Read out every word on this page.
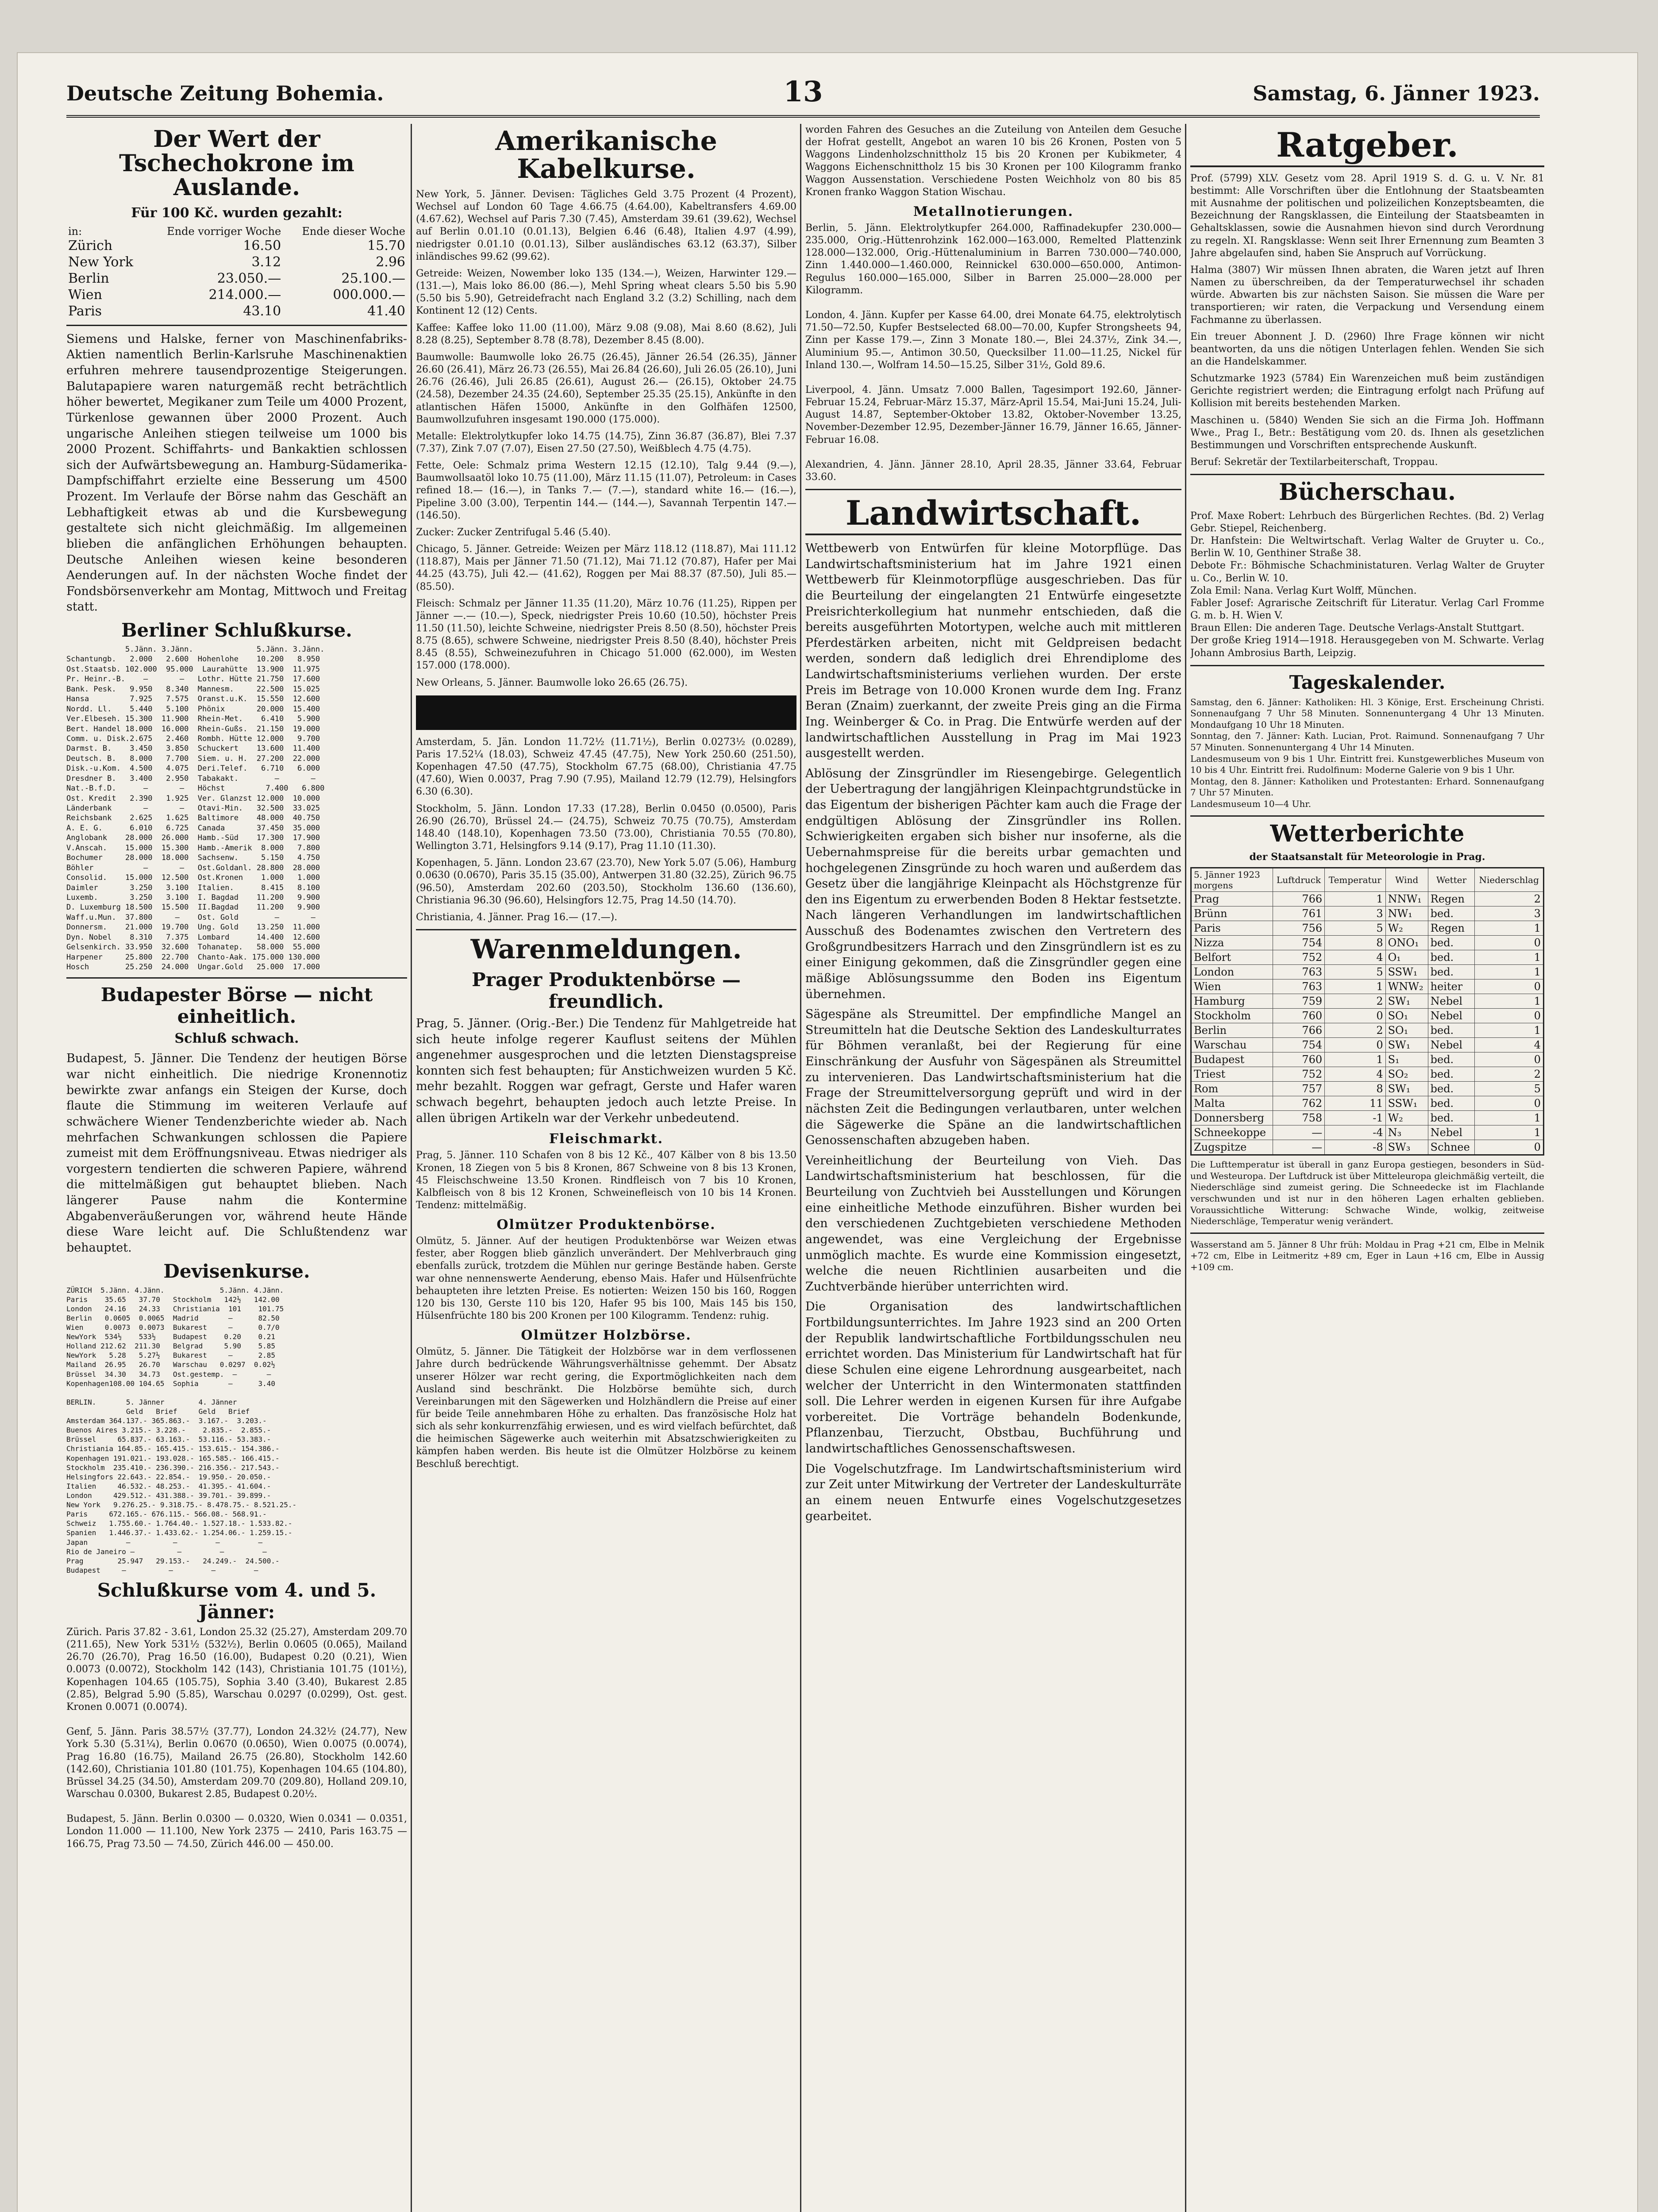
Deutsche Zeitung Bohemia.	13	Samstag, 6. Jänner 1923.
Der Wert der Tschechokrone im Auslande.
Für 100 Kč. wurden gezahlt:
in:	Ende vorriger Woche	Ende dieser Woche
Zürich	16.50	15.70
New York	3.12	2.96
Berlin	23.050.—	25.100.—
Wien	214.000.—	000.000.—
Paris	43.10	41.40

Siemens und Halske, ferner von Maschinenfabriks-Aktien namentlich Berlin-Karlsruhe Maschinenaktien erfuhren mehrere tausendprozentige Steigerungen. Balutapapiere waren naturgemäß recht beträchtlich höher bewertet, Megikaner zum Teile um 4000 Prozent, Türkenlose gewannen über 2000 Prozent. Auch ungarische Anleihen stiegen teilweise um 1000 bis 2000 Prozent. Schiffahrts- und Bankaktien schlossen sich der Aufwärtsbewegung an. Hamburg-Südamerika-Dampfschiffahrt erzielte eine Besserung um 4500 Prozent. Im Verlaufe der Börse nahm das Geschäft an Lebhaftigkeit etwas ab und die Kursbewegung gestaltete sich nicht gleichmäßig. Im allgemeinen blieben die anfänglichen Erhöhungen behaupten. Deutsche Anleihen wiesen keine besonderen Aenderungen auf. In der nächsten Woche findet der Fondsbörsenverkehr am Montag, Mittwoch und Freitag statt.

Berliner Schlußkurse.
5.Jänn. 3.Jänn.              5.Jänn. 3.Jänn.
Schantungb.   2.000   2.600  Hohenlohe    10.200   8.950
Ost.Staatsb. 102.000  95.000  Laurahütte  13.900  11.975
Pr. Heinr.-B.    —       —   Lothr. Hütte 21.750  17.600
Bank. Pesk.   9.950   8.340  Mannesm.     22.500  15.025
Hansa         7.925   7.575  Oranst.u.K.  15.550  12.600
Nordd. Ll.    5.440   5.100  Phönix       20.000  15.400
Ver.Elbeseh. 15.300  11.900  Rhein-Met.    6.410   5.900
Bert. Handel 18.000  16.000  Rhein-Gußs.  21.150  19.000
Comm. u. Disk.2.675   2.460  Rombh. Hütte 12.000   9.700
Darmst. B.    3.450   3.850  Schuckert    13.600  11.400
Deutsch. B.   8.000   7.700  Siem. u. H.  27.200  22.000
Disk.-u.Kom.  4.500   4.075  Deri.Telef.   6.710   6.000
Dresdner B.   3.400   2.950  Tabakakt.        —       —
Nat.-B.f.D.      —       —   Höchst         7.400   6.800
Ost. Kredit   2.390   1.925  Ver. Glanzst 12.000  10.000
Länderbank       —       —   Otavi-Min.   32.500  33.025
Reichsbank    2.625   1.625  Baltimore    48.000  40.750
A. E. G.      6.010   6.725  Canada       37.450  35.000
Anglobank    28.000  26.000  Hamb.-Süd    17.300  17.900
V.Anscah.    15.000  15.300  Hamb.-Amerik  8.000   7.800
Bochumer     28.000  18.000  Sachsenw.     5.150   4.750
Böhler           —       —   Ost.Goldanl. 28.800  28.000
Consolid.    15.000  12.500  Ost.Kronen    1.000   1.000
Daimler       3.250   3.100  Italien.      8.415   8.100
Luxemb.       3.250   3.100  I. Bagdad    11.200   9.900
D. Luxemburg 18.500  15.500  II.Bagdad    11.200   9.900
Waff.u.Mun.  37.800     —    Ost. Gold        —       —
Donnersm.    21.000  19.700  Ung. Gold    13.250  11.000
Dyn. Nobel    8.310   7.375  Lombard      14.400  12.600
Gelsenkirch. 33.950  32.600  Tohanatep.   58.000  55.000
Harpener     25.800  22.700  Chanto-Aak. 175.000 130.000
Hosch        25.250  24.000  Ungar.Gold   25.000  17.000
Budapester Börse — nicht einheitlich.
Schluß schwach.

Budapest, 5. Jänner. Die Tendenz der heutigen Börse war nicht einheitlich. Die niedrige Kronennotiz bewirkte zwar anfangs ein Steigen der Kurse, doch flaute die Stimmung im weiteren Verlaufe auf schwächere Wiener Tendenzberichte wieder ab. Nach mehrfachen Schwankungen schlossen die Papiere zumeist mit dem Eröffnungsniveau. Etwas niedriger als vorgestern tendierten die schweren Papiere, während die mittelmäßigen gut behauptet blieben. Nach längerer Pause nahm die Kontermine Abgabenveräußerungen vor, während heute Hände diese Ware leicht auf. Die Schlußtendenz war behauptet.

Devisenkurse.
ZÜRICH  5.Jänn. 4.Jänn.             5.Jänn. 4.Jänn.
Paris    35.65   37.70   Stockholm   142½   142.00
London   24.16   24.33   Christiania  101    101.75
Berlin   0.0605  0.0065  Madrid       —      82.50
Wien     0.0073  0.0073  Bukarest     —      0.7/0
NewYork  534½    533½    Budapest    0.20    0.21
Holland 212.62  211.30   Belgrad     5.90    5.85
NewYork   5.28   5.27½   Bukarest     —      2.85
Mailand  26.95   26.70   Warschau   0.0297  0.02½
Brüssel  34.30   34.73   Ost.gestemp.  —       —
Kopenhagen108.00 104.65  Sophia       —      3.40

BERLIN.       5. Jänner        4. Jänner
Geld   Brief     Geld   Brief
Amsterdam 364.137.- 365.863.-  3.167.-  3.203.-
Buenos Aires 3.215.- 3.228.-    2.835.-  2.855.-
Brüssel     65.837.- 63.163.-  53.116.- 53.383.-
Christiania 164.85.- 165.415.- 153.615.- 154.386.-
Kopenhagen 191.021.- 193.028.- 165.585.- 166.415.-
Stockholm  235.410.- 236.390.- 216.356.- 217.543.-
Helsingfors 22.643.- 22.854.-  19.950.- 20.050.-
Italien     46.532.- 48.253.-  41.395.- 41.604.-
London     429.512.- 431.388.- 39.701.- 39.899.-
New York   9.276.25.- 9.318.75.- 8.478.75.- 8.521.25.-
Paris     672.165.- 676.115.- 566.08.- 568.91.-
Schweiz   1.755.60.- 1.764.40.- 1.527.18.- 1.533.82.-
Spanien   1.446.37.- 1.433.62.- 1.254.06.- 1.259.15.-
Japan         —          —         —         —
Rio de Janeiro —          —         —         —
Prag        25.947   29.153.-   24.249.-  24.500.-
Budapest     —          —         —         —
Schlußkurse vom 4. und 5. Jänner:

Zürich. Paris 37.82 - 3.61, London 25.32 (25.27), Amsterdam 209.70 (211.65), New York 531½ (532½), Berlin 0.0605 (0.065), Mailand 26.70 (26.70), Prag 16.50 (16.00), Budapest 0.20 (0.21), Wien 0.0073 (0.0072), Stockholm 142 (143), Christiania 101.75 (101½), Kopenhagen 104.65 (105.75), Sophia 3.40 (3.40), Bukarest 2.85 (2.85), Belgrad 5.90 (5.85), Warschau 0.0297 (0.0299), Ost. gest. Kronen 0.0071 (0.0074).

Genf, 5. Jänn. Paris 38.57½ (37.77), London 24.32½ (24.77), New York 5.30 (5.31¼), Berlin 0.0670 (0.0650), Wien 0.0075 (0.0074), Prag 16.80 (16.75), Mailand 26.75 (26.80), Stockholm 142.60 (142.60), Christiania 101.80 (101.75), Kopenhagen 104.65 (104.80), Brüssel 34.25 (34.50), Amsterdam 209.70 (209.80), Holland 209.10, Warschau 0.0300, Bukarest 2.85, Budapest 0.20½.

Budapest, 5. Jänn. Berlin 0.0300 — 0.0320, Wien 0.0341 — 0.0351, London 11.000 — 11.100, New York 2375 — 2410, Paris 163.75 — 166.75, Prag 73.50 — 74.50, Zürich 446.00 — 450.00.

Amerikanische Kabelkurse.

New York, 5. Jänner. Devisen: Tägliches Geld 3.75 Prozent (4 Prozent), Wechsel auf London 60 Tage 4.66.75 (4.64.00), Kabeltransfers 4.69.00 (4.67.62), Wechsel auf Paris 7.30 (7.45), Amsterdam 39.61 (39.62), Wechsel auf Berlin 0.01.10 (0.01.13), Belgien 6.46 (6.48), Italien 4.97 (4.99), niedrigster 0.01.10 (0.01.13), Silber ausländisches 63.12 (63.37), Silber inländisches 99.62 (99.62).

Getreide: Weizen, Nowember loko 135 (134.—), Weizen, Harwinter 129.— (131.—), Mais loko 86.00 (86.—), Mehl Spring wheat clears 5.50 bis 5.90 (5.50 bis 5.90), Getreidefracht nach England 3.2 (3.2) Schilling, nach dem Kontinent 12 (12) Cents.

Kaffee: Kaffee loko 11.00 (11.00), März 9.08 (9.08), Mai 8.60 (8.62), Juli 8.28 (8.25), September 8.78 (8.78), Dezember 8.45 (8.00).

Baumwolle: Baumwolle loko 26.75 (26.45), Jänner 26.54 (26.35), Jänner 26.60 (26.41), März 26.73 (26.55), Mai 26.84 (26.60), Juli 26.05 (26.10), Juni 26.76 (26.46), Juli 26.85 (26.61), August 26.— (26.15), Oktober 24.75 (24.58), Dezember 24.35 (24.60), September 25.35 (25.15), Ankünfte in den atlantischen Häfen 15000, Ankünfte in den Golfhäfen 12500, Baumwollzufuhren insgesamt 190.000 (175.000).

Metalle: Elektrolytkupfer loko 14.75 (14.75), Zinn 36.87 (36.87), Blei 7.37 (7.37), Zink 7.07 (7.07), Eisen 27.50 (27.50), Weißblech 4.75 (4.75).

Fette, Oele: Schmalz prima Western 12.15 (12.10), Talg 9.44 (9.—), Baumwollsaatöl loko 10.75 (11.00), März 11.15 (11.07), Petroleum: in Cases refined 18.— (16.—), in Tanks 7.— (7.—), standard white 16.— (16.—), Pipeline 3.00 (3.00), Terpentin 144.— (144.—), Savannah Terpentin 147.— (146.50).

Zucker: Zucker Zentrifugal 5.46 (5.40).

Chicago, 5. Jänner. Getreide: Weizen per März 118.12 (118.87), Mai 111.12 (118.87), Mais per Jänner 71.50 (71.12), Mai 71.12 (70.87), Hafer per Mai 44.25 (43.75), Juli 42.— (41.62), Roggen per Mai 88.37 (87.50), Juli 85.— (85.50).

Fleisch: Schmalz per Jänner 11.35 (11.20), März 10.76 (11.25), Rippen per Jänner —.— (10.—), Speck, niedrigster Preis 10.60 (10.50), höchster Preis 11.50 (11.50), leichte Schweine, niedrigster Preis 8.50 (8.50), höchster Preis 8.75 (8.65), schwere Schweine, niedrigster Preis 8.50 (8.40), höchster Preis 8.45 (8.55), Schweinezufuhren in Chicago 51.000 (62.000), im Westen 157.000 (178.000).

New Orleans, 5. Jänner. Baumwolle loko 26.65 (26.75).

Amsterdam, 5. Jän. London 11.72½ (11.71½), Berlin 0.0273½ (0.0289), Paris 17.52¼ (18.03), Schweiz 47.45 (47.75), New York 250.60 (251.50), Kopenhagen 47.50 (47.75), Stockholm 67.75 (68.00), Christiania 47.75 (47.60), Wien 0.0037, Prag 7.90 (7.95), Mailand 12.79 (12.79), Helsingfors 6.30 (6.30).

Stockholm, 5. Jänn. London 17.33 (17.28), Berlin 0.0450 (0.0500), Paris 26.90 (26.70), Brüssel 24.— (24.75), Schweiz 70.75 (70.75), Amsterdam 148.40 (148.10), Kopenhagen 73.50 (73.00), Christiania 70.55 (70.80), Wellington 3.71, Helsingfors 9.14 (9.17), Prag 11.10 (11.30).

Kopenhagen, 5. Jänn. London 23.67 (23.70), New York 5.07 (5.06), Hamburg 0.0630 (0.0670), Paris 35.15 (35.00), Antwerpen 31.80 (32.25), Zürich 96.75 (96.50), Amsterdam 202.60 (203.50), Stockholm 136.60 (136.60), Christiania 96.30 (96.60), Helsingfors 12.75, Prag 14.50 (14.70).

Christiania, 4. Jänner. Prag 16.— (17.—).

Warenmeldungen.
Prager Produktenbörse — freundlich.

Prag, 5. Jänner. (Orig.-Ber.) Die Tendenz für Mahlgetreide hat sich heute infolge regerer Kauflust seitens der Mühlen angenehmer ausgesprochen und die letzten Dienstagspreise konnten sich fest behaupten; für Anstichweizen wurden 5 Kč. mehr bezahlt. Roggen war gefragt, Gerste und Hafer waren schwach begehrt, behaupten jedoch auch letzte Preise. In allen übrigen Artikeln war der Verkehr unbedeutend.

Fleischmarkt.

Prag, 5. Jänner. 110 Schafen von 8 bis 12 Kč., 407 Kälber von 8 bis 13.50 Kronen, 18 Ziegen von 5 bis 8 Kronen, 867 Schweine von 8 bis 13 Kronen, 45 Fleischschweine 13.50 Kronen. Rindfleisch von 7 bis 10 Kronen, Kalbfleisch von 8 bis 12 Kronen, Schweinefleisch von 10 bis 14 Kronen. Tendenz: mittelmäßig.

Olmützer Produktenbörse.

Olmütz, 5. Jänner. Auf der heutigen Produktenbörse war Weizen etwas fester, aber Roggen blieb gänzlich unverändert. Der Mehlverbrauch ging ebenfalls zurück, trotzdem die Mühlen nur geringe Bestände haben. Gerste war ohne nennenswerte Aenderung, ebenso Mais. Hafer und Hülsenfrüchte behaupteten ihre letzten Preise. Es notierten: Weizen 150 bis 160, Roggen 120 bis 130, Gerste 110 bis 120, Hafer 95 bis 100, Mais 145 bis 150, Hülsenfrüchte 180 bis 200 Kronen per 100 Kilogramm. Tendenz: ruhig.

Olmützer Holzbörse.

Olmütz, 5. Jänner. Die Tätigkeit der Holzbörse war in dem verflossenen Jahre durch bedrückende Währungsverhältnisse gehemmt. Der Absatz unserer Hölzer war recht gering, die Exportmöglichkeiten nach dem Ausland sind beschränkt. Die Holzbörse bemühte sich, durch Vereinbarungen mit den Sägewerken und Holzhändlern die Preise auf einer für beide Teile annehmbaren Höhe zu erhalten. Das französische Holz hat sich als sehr konkurrenzfähig erwiesen, und es wird vielfach befürchtet, daß die heimischen Sägewerke auch weiterhin mit Absatzschwierigkeiten zu kämpfen haben werden. Bis heute ist die Olmützer Holzbörse zu keinem Beschluß berechtigt.

worden Fahren des Gesuches an die Zuteilung von Anteilen dem Gesuche der Hofrat gestellt, Angebot an waren 10 bis 26 Kronen, Posten von 5 Waggons Lindenholzschnittholz 15 bis 20 Kronen per Kubikmeter, 4 Waggons Eichenschnittholz 15 bis 30 Kronen per 100 Kilogramm franko Waggon Aussenstation. Verschiedene Posten Weichholz von 80 bis 85 Kronen franko Waggon Station Wischau.

Metallnotierungen.

Berlin, 5. Jänn. Elektrolytkupfer 264.000, Raffinadekupfer 230.000—235.000, Orig.-Hüttenrohzink 162.000—163.000, Remelted Plattenzink 128.000—132.000, Orig.-Hüttenaluminium in Barren 730.000—740.000, Zinn 1.440.000—1.460.000, Reinnickel 630.000—650.000, Antimon-Regulus 160.000—165.000, Silber in Barren 25.000—28.000 per Kilogramm.

London, 4. Jänn. Kupfer per Kasse 64.00, drei Monate 64.75, elektrolytisch 71.50—72.50, Kupfer Bestselected 68.00—70.00, Kupfer Strongsheets 94, Zinn per Kasse 179.—, Zinn 3 Monate 180.—, Blei 24.37½, Zink 34.—, Aluminium 95.—, Antimon 30.50, Quecksilber 11.00—11.25, Nickel für Inland 130.—, Wolfram 14.50—15.25, Silber 31½, Gold 89.6.

Liverpool, 4. Jänn. Umsatz 7.000 Ballen, Tagesimport 192.60, Jänner-Februar 15.24, Februar-März 15.37, März-April 15.54, Mai-Juni 15.24, Juli-August 14.87, September-Oktober 13.82, Oktober-November 13.25, November-Dezember 12.95, Dezember-Jänner 16.79, Jänner 16.65, Jänner-Februar 16.08.

Alexandrien, 4. Jänn. Jänner 28.10, April 28.35, Jänner 33.64, Februar 33.60.

Landwirtschaft.

Wettbewerb von Entwürfen für kleine Motorpflüge. Das Landwirtschaftsministerium hat im Jahre 1921 einen Wettbewerb für Kleinmotorpflüge ausgeschrieben. Das für die Beurteilung der eingelangten 21 Entwürfe eingesetzte Preisrichterkollegium hat nunmehr entschieden, daß die bereits ausgeführten Motortypen, welche auch mit mittleren Pferdestärken arbeiten, nicht mit Geldpreisen bedacht werden, sondern daß lediglich drei Ehrendiplome des Landwirtschaftsministeriums verliehen wurden. Der erste Preis im Betrage von 10.000 Kronen wurde dem Ing. Franz Beran (Znaim) zuerkannt, der zweite Preis ging an die Firma Ing. Weinberger & Co. in Prag. Die Entwürfe werden auf der landwirtschaftlichen Ausstellung in Prag im Mai 1923 ausgestellt werden.

Ablösung der Zinsgründler im Riesengebirge. Gelegentlich der Uebertragung der langjährigen Kleinpachtgrundstücke in das Eigentum der bisherigen Pächter kam auch die Frage der endgültigen Ablösung der Zinsgründler ins Rollen. Schwierigkeiten ergaben sich bisher nur insoferne, als die Uebernahmspreise für die bereits urbar gemachten und hochgelegenen Zinsgründe zu hoch waren und außerdem das Gesetz über die langjährige Kleinpacht als Höchstgrenze für den ins Eigentum zu erwerbenden Boden 8 Hektar festsetzte. Nach längeren Verhandlungen im landwirtschaftlichen Ausschuß des Bodenamtes zwischen den Vertretern des Großgrundbesitzers Harrach und den Zinsgründlern ist es zu einer Einigung gekommen, daß die Zinsgründler gegen eine mäßige Ablösungssumme den Boden ins Eigentum übernehmen.

Sägespäne als Streumittel. Der empfindliche Mangel an Streumitteln hat die Deutsche Sektion des Landeskulturrates für Böhmen veranlaßt, bei der Regierung für eine Einschränkung der Ausfuhr von Sägespänen als Streumittel zu intervenieren. Das Landwirtschaftsministerium hat die Frage der Streumittelversorgung geprüft und wird in der nächsten Zeit die Bedingungen verlautbaren, unter welchen die Sägewerke die Späne an die landwirtschaftlichen Genossenschaften abzugeben haben.

Vereinheitlichung der Beurteilung von Vieh. Das Landwirtschaftsministerium hat beschlossen, für die Beurteilung von Zuchtvieh bei Ausstellungen und Körungen eine einheitliche Methode einzuführen. Bisher wurden bei den verschiedenen Zuchtgebieten verschiedene Methoden angewendet, was eine Vergleichung der Ergebnisse unmöglich machte. Es wurde eine Kommission eingesetzt, welche die neuen Richtlinien ausarbeiten und die Zuchtverbände hierüber unterrichten wird.

Die Organisation des landwirtschaftlichen Fortbildungsunterrichtes. Im Jahre 1923 sind an 200 Orten der Republik landwirtschaftliche Fortbildungsschulen neu errichtet worden. Das Ministerium für Landwirtschaft hat für diese Schulen eine eigene Lehrordnung ausgearbeitet, nach welcher der Unterricht in den Wintermonaten stattfinden soll. Die Lehrer werden in eigenen Kursen für ihre Aufgabe vorbereitet. Die Vorträge behandeln Bodenkunde, Pflanzenbau, Tierzucht, Obstbau, Buchführung und landwirtschaftliches Genossenschaftswesen.

Die Vogelschutzfrage. Im Landwirtschaftsministerium wird zur Zeit unter Mitwirkung der Vertreter der Landeskulturräte an einem neuen Entwurfe eines Vogelschutzgesetzes gearbeitet.

Ratgeber.

Prof. (5799) XLV. Gesetz vom 28. April 1919 S. d. G. u. V. Nr. 81 bestimmt: Alle Vorschriften über die Entlohnung der Staatsbeamten mit Ausnahme der politischen und polizeilichen Konzeptsbeamten, die Bezeichnung der Rangsklassen, die Einteilung der Staatsbeamten in Gehaltsklassen, sowie die Ausnahmen hievon sind durch Verordnung zu regeln. XI. Rangsklasse: Wenn seit Ihrer Ernennung zum Beamten 3 Jahre abgelaufen sind, haben Sie Anspruch auf Vorrückung.

Halma (3807) Wir müssen Ihnen abraten, die Waren jetzt auf Ihren Namen zu überschreiben, da der Temperaturwechsel ihr schaden würde. Abwarten bis zur nächsten Saison. Sie müssen die Ware per transportieren; wir raten, die Verpackung und Versendung einem Fachmanne zu überlassen.

Ein treuer Abonnent J. D. (2960) Ihre Frage können wir nicht beantworten, da uns die nötigen Unterlagen fehlen. Wenden Sie sich an die Handelskammer.

Schutzmarke 1923 (5784) Ein Warenzeichen muß beim zuständigen Gerichte registriert werden; die Eintragung erfolgt nach Prüfung auf Kollision mit bereits bestehenden Marken.

Maschinen u. (5840) Wenden Sie sich an die Firma Joh. Hoffmann Wwe., Prag I., Betr.: Bestätigung vom 20. ds. Ihnen als gesetzlichen Bestimmungen und Vorschriften entsprechende Auskunft.

Beruf: Sekretär der Textilarbeiterschaft, Troppau.

Bücherschau.

Prof. Maxe Robert: Lehrbuch des Bürgerlichen Rechtes. (Bd. 2) Verlag Gebr. Stiepel, Reichenberg.
Dr. Hanfstein: Die Weltwirtschaft. Verlag Walter de Gruyter u. Co., Berlin W. 10, Genthiner Straße 38.
Debote Fr.: Böhmische Schachministaturen. Verlag Walter de Gruyter u. Co., Berlin W. 10.
Zola Emil: Nana. Verlag Kurt Wolff, München.
Fabler Josef: Agrarische Zeitschrift für Literatur. Verlag Carl Fromme G. m. b. H. Wien V.
Braun Ellen: Die anderen Tage. Deutsche Verlags-Anstalt Stuttgart.
Der große Krieg 1914—1918. Herausgegeben von M. Schwarte. Verlag Johann Ambrosius Barth, Leipzig.

Tageskalender.

Samstag, den 6. Jänner: Katholiken: Hl. 3 Könige, Erst. Erscheinung Christi. Sonnenaufgang 7 Uhr 58 Minuten. Sonnenuntergang 4 Uhr 13 Minuten. Mondaufgang 10 Uhr 18 Minuten.
Sonntag, den 7. Jänner: Kath. Lucian, Prot. Raimund. Sonnenaufgang 7 Uhr 57 Minuten. Sonnenuntergang 4 Uhr 14 Minuten.
Landesmuseum von 9 bis 1 Uhr. Eintritt frei. Kunstgewerbliches Museum von 10 bis 4 Uhr. Eintritt frei. Rudolfinum: Moderne Galerie von 9 bis 1 Uhr.
Montag, den 8. Jänner: Katholiken und Protestanten: Erhard. Sonnenaufgang 7 Uhr 57 Minuten.
Landesmuseum 10—4 Uhr.

Wetterberichte
der Staatsanstalt für Meteorologie in Prag.
5. Jänner 1923
morgens	Luftdruck	Temperatur	Wind	Wetter	Niederschlag
Prag	766	1	NNW₁	Regen	2
Brünn	761	3	NW₁	bed.	3
Paris	756	5	W₂	Regen	1
Nizza	754	8	ONO₁	bed.	0
Belfort	752	4	O₁	bed.	1
London	763	5	SSW₁	bed.	1
Wien	763	1	WNW₂	heiter	0
Hamburg	759	2	SW₁	Nebel	1
Stockholm	760	0	SO₁	Nebel	0
Berlin	766	2	SO₁	bed.	1
Warschau	754	0	SW₁	Nebel	4
Budapest	760	1	S₁	bed.	0
Triest	752	4	SO₂	bed.	2
Rom	757	8	SW₁	bed.	5
Malta	762	11	SSW₁	bed.	0
Donnersberg	758	-1	W₂	bed.	1
Schneekoppe	—	-4	N₃	Nebel	1
Zugspitze	—	-8	SW₃	Schnee	0

Die Lufttemperatur ist überall in ganz Europa gestiegen, besonders in Süd- und Westeuropa. Der Luftdruck ist über Mitteleuropa gleichmäßig verteilt, die Niederschläge sind zumeist gering. Die Schneedecke ist im Flachlande verschwunden und ist nur in den höheren Lagen erhalten geblieben. Voraussichtliche Witterung: Schwache Winde, wolkig, zeitweise Niederschläge, Temperatur wenig verändert.

Wasserstand am 5. Jänner 8 Uhr früh: Moldau in Prag +21 cm, Elbe in Melnik +72 cm, Elbe in Leitmeritz +89 cm, Eger in Laun +16 cm, Elbe in Aussig +109 cm.
